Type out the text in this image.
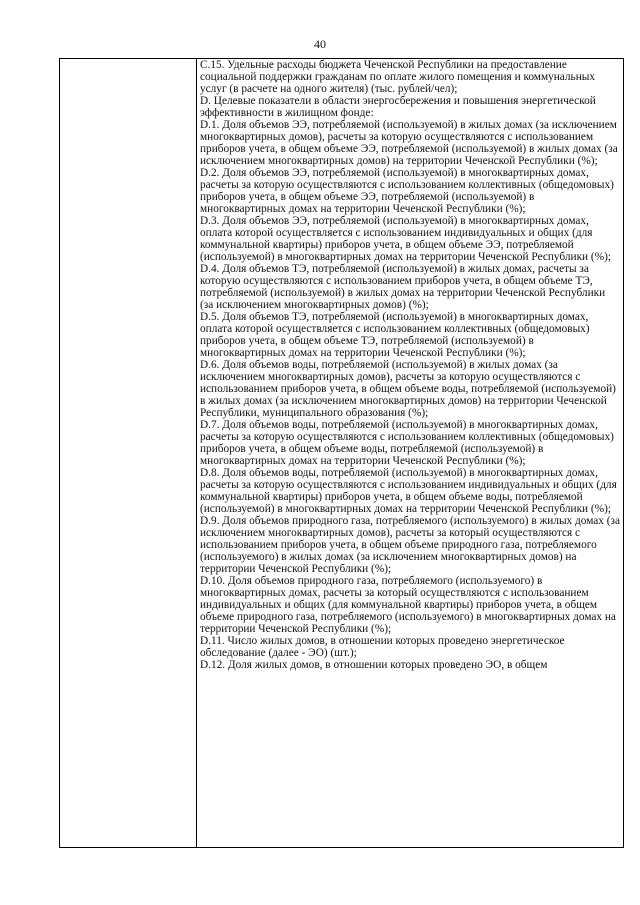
40

С.15. Удельные расходы бюджета Чеченской Республики на предоставление социальной поддержки гражданам по оплате жилого помещения и коммунальных услуг (в расчете на одного жителя) (тыс. рублей/чел);

D. Целевые показатели в области энергосбережения и повышения энергетической эффективности в жилищном фонде:

D.1. Доля объемов ЭЭ, потребляемой (используемой) в жилых домах (за исключением многоквартирных домов), расчеты за которую осуществляются с использованием приборов учета, в общем объеме ЭЭ, потребляемой (используемой) в жилых домах (за исключением многоквартирных домов) на территории Чеченской Республики (%);

D.2. Доля объемов ЭЭ, потребляемой (используемой) в многоквартирных домах, расчеты за которую осуществляются с использованием коллективных (общедомовых) приборов учета, в общем объеме ЭЭ, потребляемой (используемой) в многоквартирных домах на территории Чеченской Республики (%);

D.3. Доля объемов ЭЭ, потребляемой (используемой) в многоквартирных домах, оплата которой осуществляется с использованием индивидуальных и общих (для коммунальной квартиры) приборов учета, в общем объеме ЭЭ, потребляемой (используемой) в многоквартирных домах на территории Чеченской Республики (%);

D.4. Доля объемов ТЭ, потребляемой (используемой) в жилых домах, расчеты за которую осуществляются с использованием приборов учета, в общем объеме ТЭ, потребляемой (используемой) в жилых домах на территории Чеченской Республики (за исключением многоквартирных домов) (%);

D.5. Доля объемов ТЭ, потребляемой (используемой) в многоквартирных домах, оплата которой осуществляется с использованием коллективных (общедомовых) приборов учета, в общем объеме ТЭ, потребляемой (используемой) в многоквартирных домах на территории Чеченской Республики (%);

D.6. Доля объемов воды, потребляемой (используемой) в жилых домах (за исключением многоквартирных домов), расчеты за которую осуществляются с использованием приборов учета, в общем объеме воды, потребляемой (используемой) в жилых домах (за исключением многоквартирных домов) на территории Чеченской Республики, муниципального образования (%);

D.7. Доля объемов воды, потребляемой (используемой) в многоквартирных домах, расчеты за которую осуществляются с использованием коллективных (общедомовых) приборов учета, в общем объеме воды, потребляемой (используемой) в многоквартирных домах на территории Чеченской Республики (%);

D.8. Доля объемов воды, потребляемой (используемой) в многоквартирных домах, расчеты за которую осуществляются с использованием индивидуальных и общих (для коммунальной квартиры) приборов учета, в общем объеме воды, потребляемой (используемой) в многоквартирных домах на территории Чеченской Республики (%);

D.9. Доля объемов природного газа, потребляемого (используемого) в жилых домах (за исключением многоквартирных домов), расчеты за который осуществляются с использованием приборов учета, в общем объеме природного газа, потребляемого (используемого) в жилых домах (за исключением многоквартирных домов) на территории Чеченской Республики (%);

D.10. Доля объемов природного газа, потребляемого (используемого) в многоквартирных домах, расчеты за который осуществляются с использованием индивидуальных и общих (для коммунальной квартиры) приборов учета, в общем объеме природного газа, потребляемого (используемого) в многоквартирных домах на территории Чеченской Республики (%);

D.11. Число жилых домов, в отношении которых проведено энергетическое обследование (далее - ЭО) (шт.);

D.12. Доля жилых домов, в отношении которых проведено ЭО, в общем
